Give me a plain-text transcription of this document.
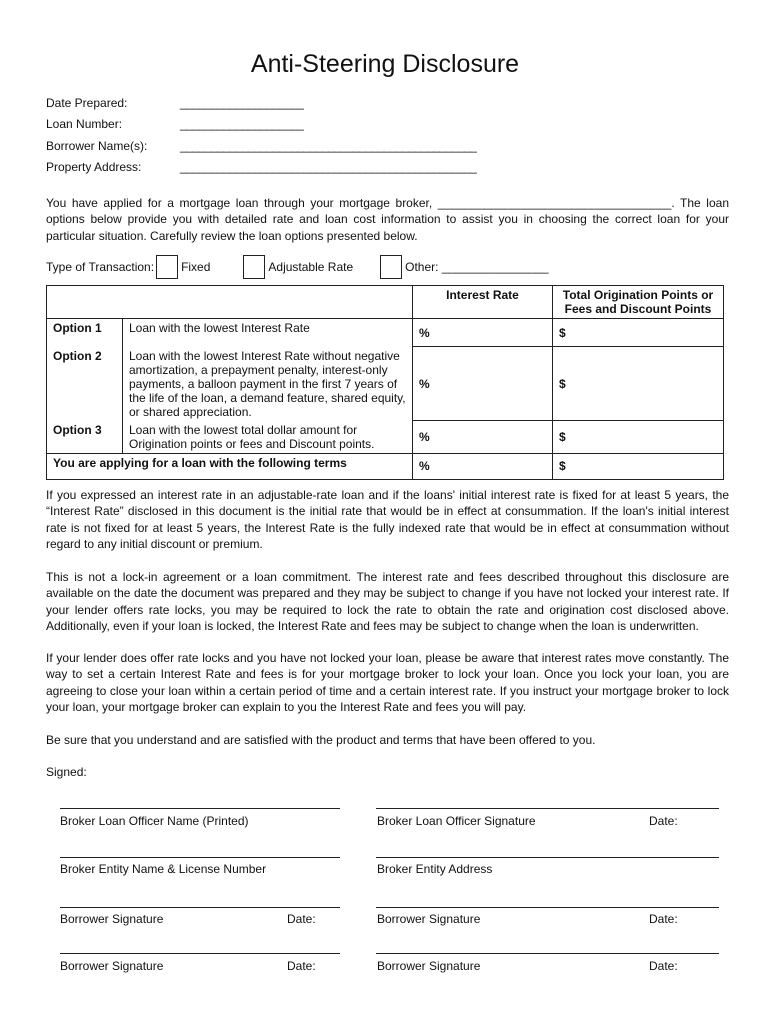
Anti-Steering Disclosure
Date Prepared:	____________________
Loan Number:	____________________
Borrower Name(s):	________________________________________________
Property Address:	________________________________________________

You have applied for a mortgage loan through your mortgage broker, ___________________________________. The loan options below provide you with detailed rate and loan cost information to assist you in choosing the correct loan for your particular situation. Carefully review the loan options presented below.

Type of Transaction: Fixed	Adjustable Rate	Other: ________________
		Interest Rate	Total Origination Points or Fees and Discount Points
Option 1	Loan with the lowest Interest Rate	%	$
Option 2	Loan with the lowest Interest Rate without negative amortization, a prepayment penalty, interest-only payments, a balloon payment in the first 7 years of the life of the loan, a demand feature, shared equity, or shared appreciation.	%	$
Option 3	Loan with the lowest total dollar amount for Origination points or fees and Discount points.	%	$
You are applying for a loan with the following terms		%	$

If you expressed an interest rate in an adjustable-rate loan and if the loans' initial interest rate is fixed for at least 5 years, the “Interest Rate” disclosed in this document is the initial rate that would be in effect at consummation. If the loan's initial interest rate is not fixed for at least 5 years, the Interest Rate is the fully indexed rate that would be in effect at consummation without regard to any initial discount or premium.

This is not a lock-in agreement or a loan commitment. The interest rate and fees described throughout this disclosure are available on the date the document was prepared and they may be subject to change if you have not locked your interest rate. If your lender offers rate locks, you may be required to lock the rate to obtain the rate and origination cost disclosed above. Additionally, even if your loan is locked, the Interest Rate and fees may be subject to change when the loan is underwritten.

If your lender does offer rate locks and you have not locked your loan, please be aware that interest rates move constantly. The way to set a certain Interest Rate and fees is for your mortgage broker to lock your loan. Once you lock your loan, you are agreeing to close your loan within a certain period of time and a certain interest rate. If you instruct your mortgage broker to lock your loan, your mortgage broker can explain to you the Interest Rate and fees you will pay.

Be sure that you understand and are satisfied with the product and terms that have been offered to you.

Signed:
Broker Loan Officer Name (Printed)	Broker Loan Officer Signature	Date:
Broker Entity Name & License Number	Broker Entity Address
Borrower Signature	Date:	Borrower Signature	Date:
Borrower Signature	Date:	Borrower Signature	Date:
